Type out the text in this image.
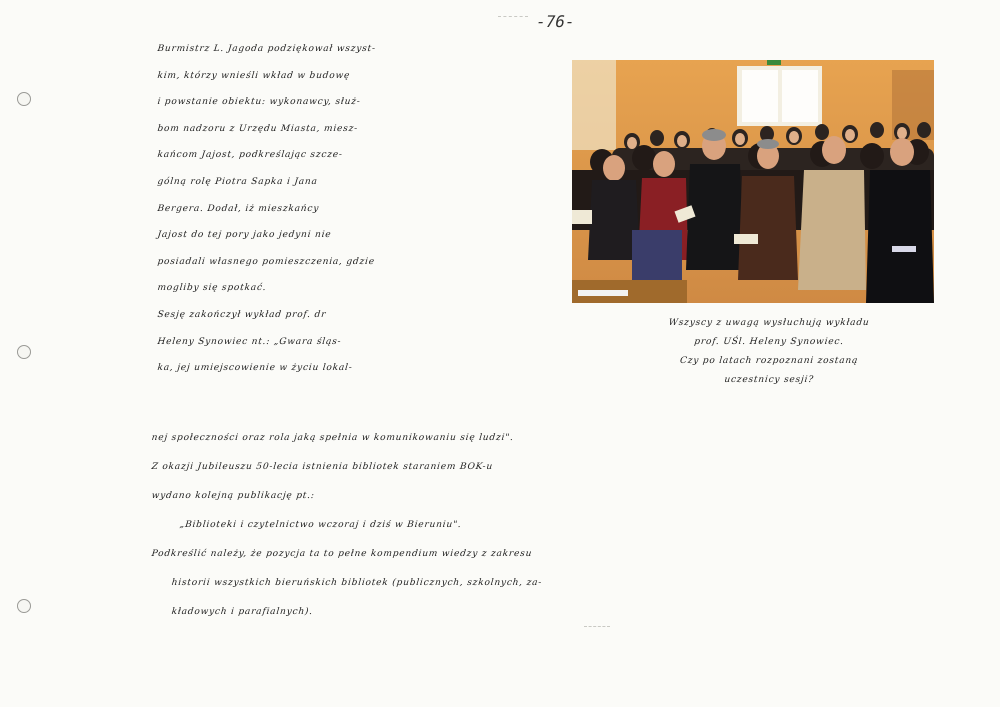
-76-
Burmistrz L. Jagoda podziękował wszyst-
kim, którzy wnieśli wkład w budowę
i powstanie obiektu: wykonawcy, służ-
bom nadzoru z Urzędu Miasta, miesz-
kańcom Jajost, podkreślając szcze-
gólną rolę Piotra Sapka i Jana
Bergera. Dodał, iż mieszkańcy
Jajost do tej pory jako jedyni nie
posiadali własnego pomieszczenia, gdzie
mogliby się spotkać.
Sesję zakończył wykład prof. dr
Heleny Synowiec nt.: „Gwara śląs-
ka, jej umiejscowienie w życiu lokal-
Wszyscy z uwagą wysłuchują wykładu
prof. UŚl. Heleny Synowiec.
Czy po latach rozpoznani zostaną
uczestnicy sesji?
nej społeczności oraz rola jaką spełnia w komunikowaniu się ludzi".
Z okazji Jubileuszu 50-lecia istnienia bibliotek staraniem BOK-u
wydano kolejną publikację pt.:
„Biblioteki i czytelnictwo wczoraj i dziś w Bieruniu".
Podkreślić należy, że pozycja ta to pełne kompendium wiedzy z zakresu
historii wszystkich bieruńskich bibliotek (publicznych, szkolnych, za-
kładowych i parafialnych).
